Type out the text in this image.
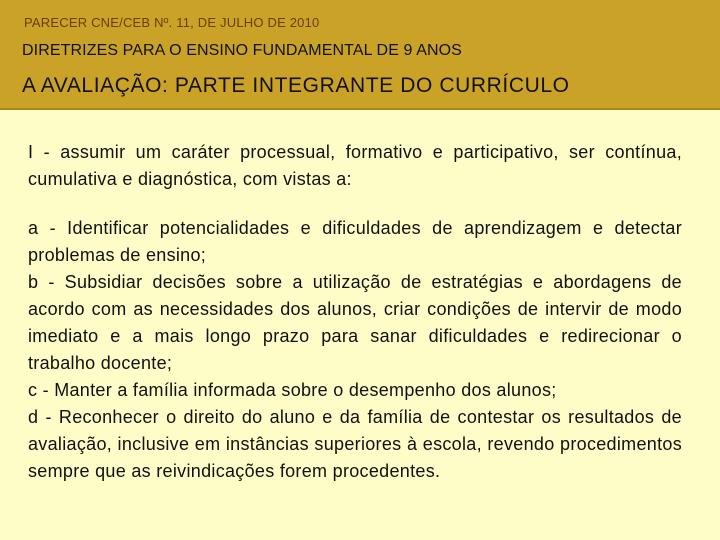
PARECER CNE/CEB Nº. 11, DE JULHO DE 2010
DIRETRIZES PARA O ENSINO FUNDAMENTAL DE 9 ANOS
A AVALIAÇÃO: PARTE INTEGRANTE DO CURRÍCULO

I - assumir um caráter processual, formativo e participativo, ser contínua, cumulativa e diagnóstica, com vistas a:

a - Identificar potencialidades e dificuldades de aprendizagem e detectar problemas de ensino;

b - Subsidiar decisões sobre a utilização de estratégias e abordagens de acordo com as necessidades dos alunos, criar condições de intervir de modo imediato e a mais longo prazo para sanar dificuldades e redirecionar o trabalho docente;

c - Manter a família informada sobre o desempenho dos alunos;

d - Reconhecer o direito do aluno e da família de contestar os resultados de avaliação, inclusive em instâncias superiores à escola, revendo procedimentos sempre que as reivindicações forem procedentes.
